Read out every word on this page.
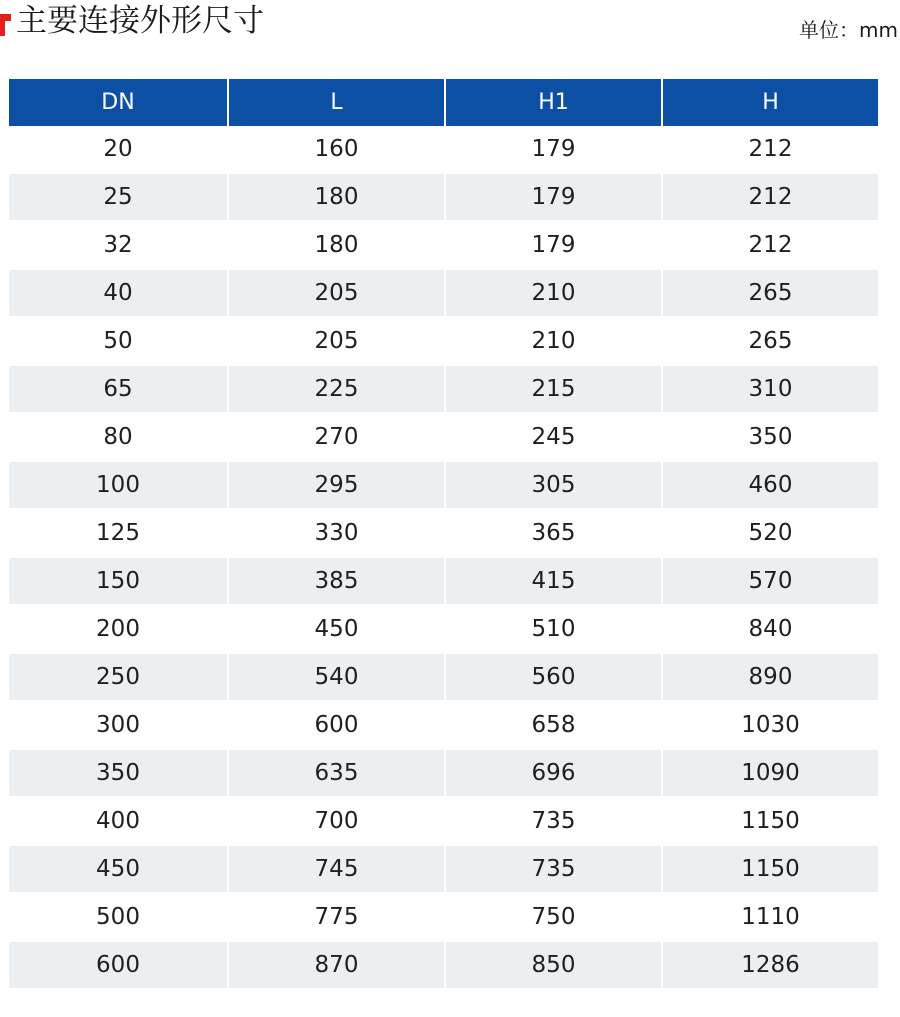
主要连接外形尺寸	单位：mm
DN	L	H1	H
20	160	179	212
25	180	179	212
32	180	179	212
40	205	210	265
50	205	210	265
65	225	215	310
80	270	245	350
100	295	305	460
125	330	365	520
150	385	415	570
200	450	510	840
250	540	560	890
300	600	658	1030
350	635	696	1090
400	700	735	1150
450	745	735	1150
500	775	750	1110
600	870	850	1286
